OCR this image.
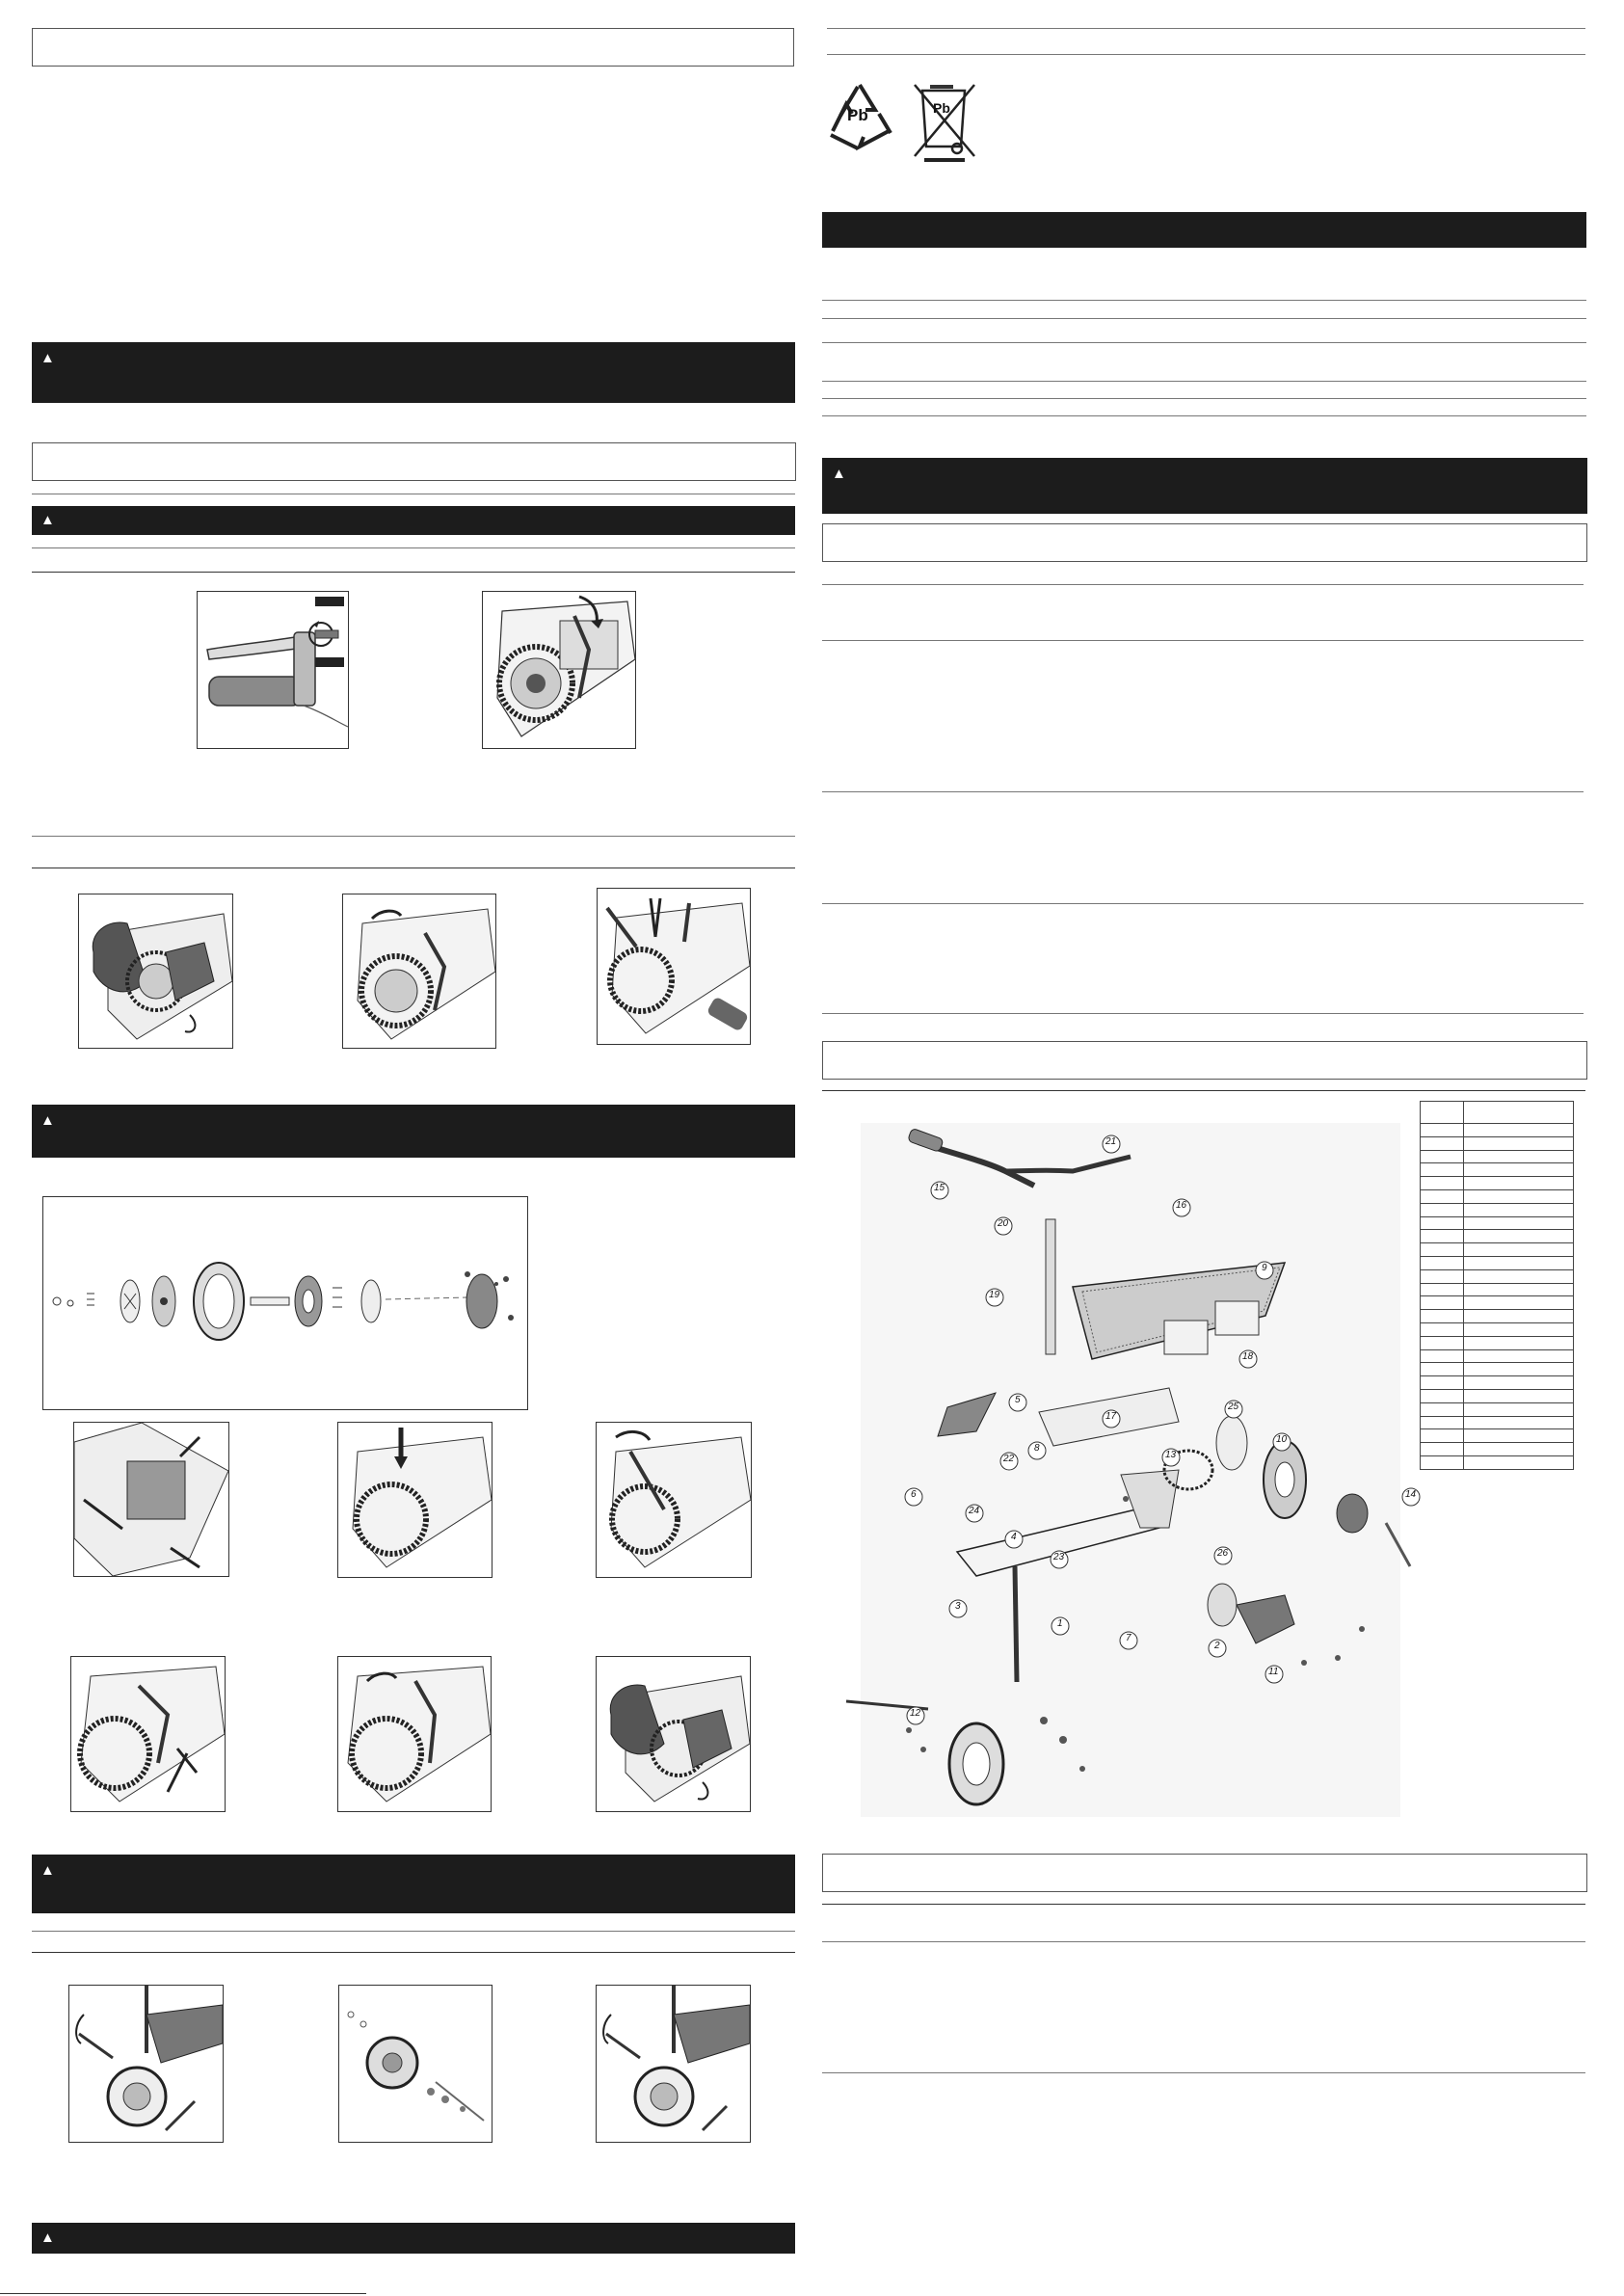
▲
▲
▲
▲
▲
Pb	Pb
▲
1
2
3
4
5
6
7
8
9
10
11
12
13
14
15
16
17
18
19
20
21
22
23
24
25
26
